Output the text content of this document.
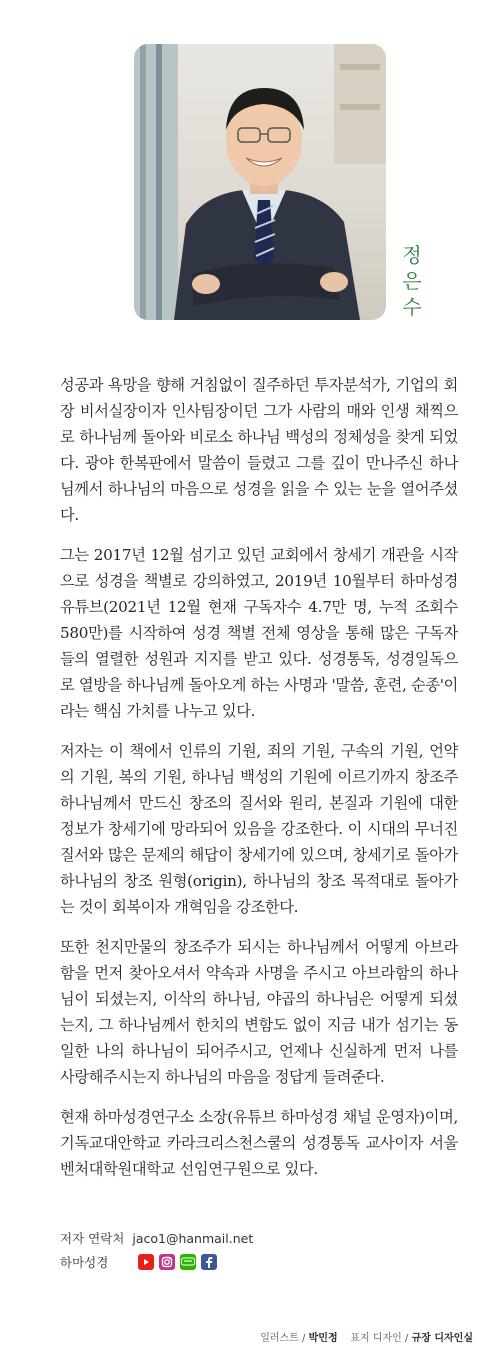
정
은
수

성공과 욕망을 향해 거침없이 질주하던 투자분석가, 기업의 회장 비서실장이자 인사팀장이던 그가 사람의 매와 인생 채찍으로 하나님께 돌아와 비로소 하나님 백성의 정체성을 찾게 되었다. 광야 한복판에서 말씀이 들렸고 그를 깊이 만나주신 하나님께서 하나님의 마음으로 성경을 읽을 수 있는 눈을 열어주셨다.

그는 2017년 12월 섬기고 있던 교회에서 창세기 개관을 시작으로 성경을 책별로 강의하였고, 2019년 10월부터 하마성경 유튜브(2021년 12월 현재 구독자수 4.7만 명, 누적 조회수 580만)를 시작하여 성경 책별 전체 영상을 통해 많은 구독자들의 열렬한 성원과 지지를 받고 있다. 성경통독, 성경일독으로 열방을 하나님께 돌아오게 하는 사명과 '말씀, 훈련, 순종'이라는 핵심 가치를 나누고 있다.

저자는 이 책에서 인류의 기원, 죄의 기원, 구속의 기원, 언약의 기원, 복의 기원, 하나님 백성의 기원에 이르기까지 창조주 하나님께서 만드신 창조의 질서와 원리, 본질과 기원에 대한 정보가 창세기에 망라되어 있음을 강조한다. 이 시대의 무너진 질서와 많은 문제의 해답이 창세기에 있으며, 창세기로 돌아가 하나님의 창조 원형(origin), 하나님의 창조 목적대로 돌아가는 것이 회복이자 개혁임을 강조한다.

또한 천지만물의 창조주가 되시는 하나님께서 어떻게 아브라함을 먼저 찾아오셔서 약속과 사명을 주시고 아브라함의 하나님이 되셨는지, 이삭의 하나님, 야곱의 하나님은 어떻게 되셨는지, 그 하나님께서 한치의 변함도 없이 지금 내가 섬기는 동일한 나의 하나님이 되어주시고, 언제나 신실하게 먼저 나를 사랑해주시는지 하나님의 마음을 정답게 들려준다.

현재 하마성경연구소 소장(유튜브 하마성경 채널 운영자)이며, 기독교대안학교 카라크리스천스쿨의 성경통독 교사이자 서울벤처대학원대학교 선임연구원으로 있다.

저자 연락처 jaco1@hanmail.net
하마성경
일러스트 / 박민정 표지 디자인 / 규장 디자인실
